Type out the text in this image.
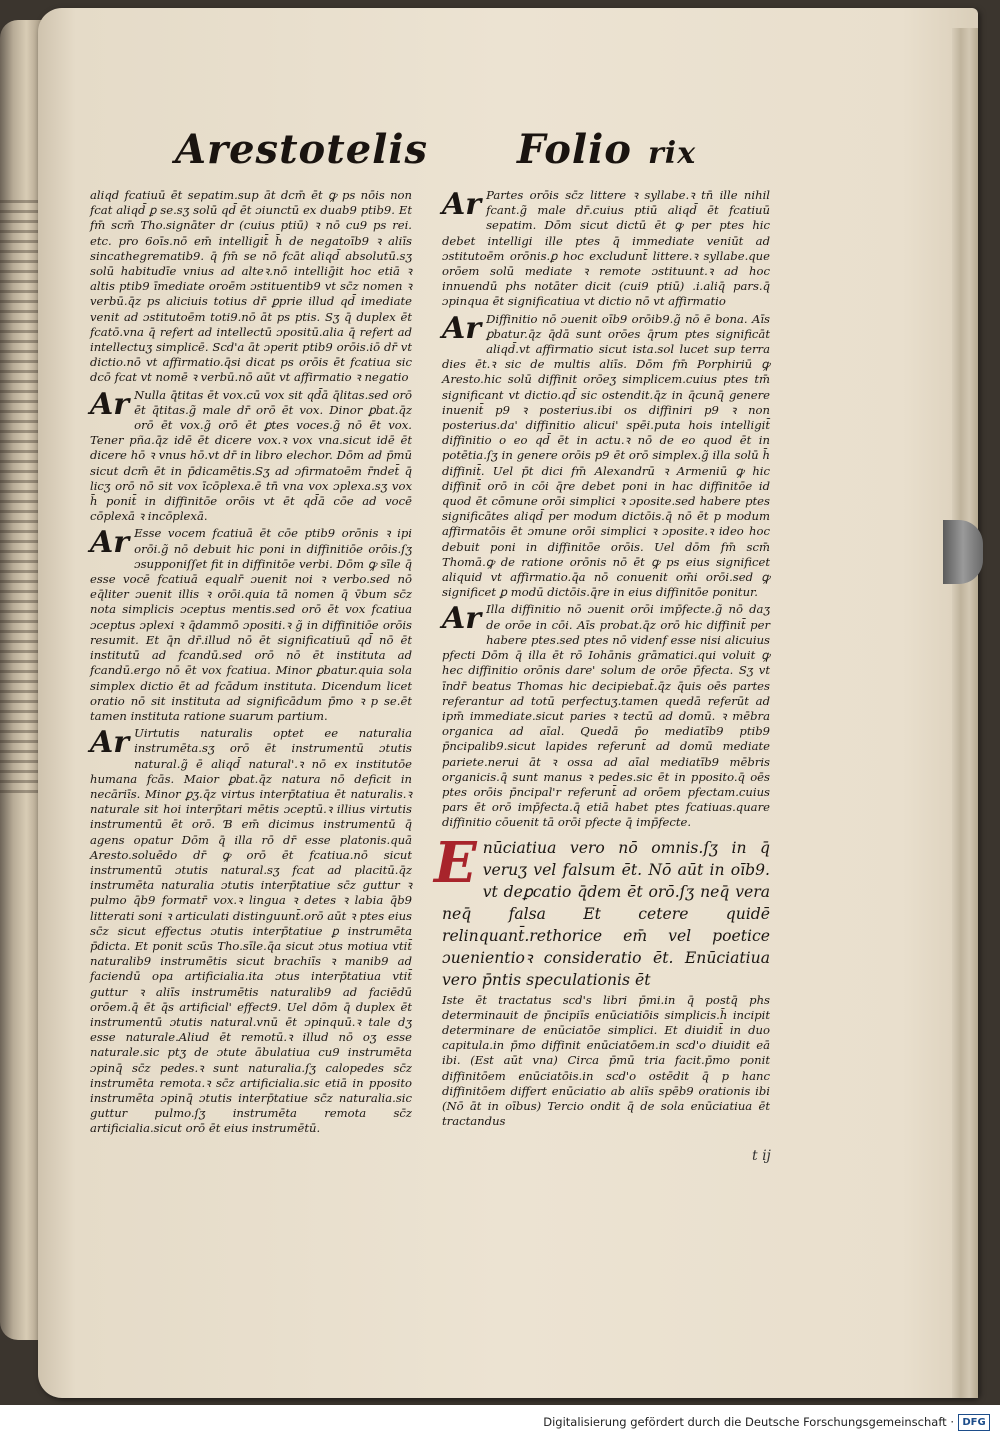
Arestotelis Folio rix

aliqd fcatiuū ēt sepatim.sup āt dcm̄ ēt ꝙ ps nōis non fcat aliqd̄ ꝑ se.sʒ solū qd̄ ēt ɔiunctū ex duab9 ptib9. Et fm̄ scm̄ Tho.signāter dr (cuius ptiū) ꝛ nō cu9 ps rei. etc. pro 6oīs.nō em̄ intelligit̄ h̄ de negatoīb9 ꝛ aliīs sincathegrematib9. q̄ fm̄ se nō fcāt aliqd̄ absolutū.sʒ solū habitudīe vnius ad alteꝛ.nō intelliḡit hoc etiā ꝛ altis ptib9 īmediate oroēm ɔstituentib9 vt sc̄z nomen ꝛ verbū.q̄z ps aliciuis totius dr̄ ꝑprie illud qd̄ imediate venit ad ɔstitutoēm toti9.nō āt ps ptis. Sʒ q̄ duplex ēt fcatō.vna q̄ refert ad intellectū ɔpositū.alia q̄ refert ad intellectuʒ simplicē. Scd'a āt ɔperit ptib9 orōis.iō dr̄ vt dictio.nō vt affirmatio.q̄si dicat ps orōis ēt fcatiua sic dcō fcat vt nomē ꝛ verbū.nō aūt vt affirmatio ꝛ negatio

Ar Nulla q̄titas ēt vox.cū vox sit qd̄ā q̄litas.sed orō ēt q̄titas.g̃ male dr̄ orō ēt vox. Dinor ꝑbat.q̄z orō ēt vox.g̃ orō ēt ꝑtes voces.g̃ nō ēt vox. Tener pña.q̄z idē ēt dicere vox.ꝛ vox vna.sicut idē ēt dicere hō ꝛ vnus hō.vt dr̄ in libro elechor. Dōm ad p̄mū sicut dcm̄ ēt in p̄dicamētis.Sʒ ad ɔfirmatoēm r̄ndet̄ q̄ licʒ orō nō sit vox īcōplexa.ē tn̄ vna vox ɔplexa.sʒ vox h̄ ponit̄ in diffinitōe orōis vt ēt qd̄ā cōe ad vocē cōplexā ꝛ incōplexā.

Ar Esse vocem fcatiuā ēt cōe ptib9 orōnis ꝛ ipi orōi.g̃ nō debuit hic poni in diffinitiōe orōis.ſʒ ɔsupponiſſet fit in diffinitōe verbi. Dōm ꝙ sīle q̄ esse vocē fcatiuā equalr̄ ɔuenit noi ꝛ verbo.sed nō eq̄liter ɔuenit illis ꝛ orōi.quia tā nomen q̄ v̄bum sc̄z nota simplicis ɔceptus mentis.sed orō ēt vox fcatiua ɔceptus ɔplexi ꝛ q̄dammō ɔpositi.ꝛ g̃ in diffinitiōe orōis resumit. Et q̄n dr̄.illud nō ēt significatiuū qd̄ nō ēt institutū ad fcandū.sed orō nō ēt instituta ad fcandū.ergo nō ēt vox fcatiua. Minor ꝑbatur.quia sola simplex dictio ēt ad fcādum instituta. Dicendum licet oratio nō sit instituta ad significādum p̄mo ꝛ p se.ēt tamen instituta ratione suarum partium.

Ar Uirtutis naturalis optet ee naturalia instrumēta.sʒ orō ēt instrumentū ɔtutis natural.g̃ ē aliqd̄ natural'.ꝛ nō ex institutōe humana fcās. Maior ꝑbat.q̄z natura nō deficit in necāriīs. Minor ꝑʒ.q̄z virtus interp̄tatiua ēt naturalis.ꝛ naturale sit hoi interp̄tari mētis ɔceptū.ꝛ illius virtutis instrumentū ēt orō. Ɓ em̄ dicimus instrumentū q̄ agens opatur Dōm q̄ illa rō dr̄ esse platonis.quā Aresto.soluēdo dr̄ ꝙ orō ēt fcatiua.nō sicut instrumentū ɔtutis natural.sʒ fcat ad placitū.q̄z instrumēta naturalia ɔtutis interp̄tatiue sc̄z guttur ꝛ pulmo q̄b9 formatr̄ vox.ꝛ lingua ꝛ detes ꝛ labia q̄b9 litterati soni ꝛ articulati distinguunt̄.orō aūt ꝛ ptes eius sc̄z sicut effectus ɔtutis interp̄tatiue ꝑ instrumēta p̄dicta. Et ponit scūs Tho.sīle.q̄a sicut ɔtus motiua vtit̄ naturalib9 instrumētis sicut brachiīs ꝛ manib9 ad faciendū opa artificialia.ita ɔtus interp̄tatiua vtit̄ guttur ꝛ aliīs instrumētis naturalib9 ad faciēdū orōem.q̄ ēt q̄s artificial' effect9. Uel dōm q̄ duplex ēt instrumentū ɔtutis natural.vnū ēt ɔpinquū.ꝛ tale dʒ esse naturale.Aliud ēt remotū.ꝛ illud nō oʒ esse naturale.sic ptʒ de ɔtute ābulatiua cu9 instrumēta ɔpinq̄ sc̄z pedes.ꝛ sunt naturalia.ſʒ calopedes sc̄z instrumēta remota.ꝛ sc̄z artificialia.sic etiā in pposito instrumēta ɔpinq̄ ɔtutis interp̄tatiue sc̄z naturalia.sic guttur pulmo.ſʒ instrumēta remota sc̄z artificialia.sicut orō ēt eius instrumētū.

Ar Partes orōis sc̄z littere ꝛ syllabe.ꝛ tn̄ ille nihil fcant.g̃ male dr̄.cuius ptiū aliqd̄ ēt fcatiuū sepatim. Dōm sicut dictū ēt ꝙ per ptes hic debet intelligi ille ptes q̄ immediate veniūt ad ɔstitutoēm orōnis.ꝑ hoc excludunt̄ littere.ꝛ syllabe.que orōem solū mediate ꝛ remote ɔstituunt.ꝛ ad hoc innuendū phs notāter dicit (cui9 ptiū) .i.aliq̄ pars.q̄ ɔpinqua ēt significatiua vt dictio nō vt affirmatio

Ar Diffinitio nō ɔuenit oīb9 orōib9.g̃ nō ē bona. Aīs ꝑbatur.q̄z q̄dā sunt orōes q̄rum ptes significāt aliqd̄.vt affirmatio sicut ista.sol lucet sup terra dies ēt.ꝛ sic de multis aliīs. Dōm fm̄ Porphiriū ꝙ Aresto.hic solū diffinit orōeʒ simplicem.cuius ptes tm̄ significant vt dictio.qd̄ sic ostendit.q̄z in q̄cunq̄ genere inuenit̄ p9 ꝛ posterius.ibi os diffiniri p9 ꝛ non posterius.da' diffinitio alicui' spēi.puta hois intelligit̄ diffinitio o eo qd̄ ēt in actu.ꝛ nō de eo quod ēt in potētia.ſʒ in genere orōis p9 ēt orō simplex.g̃ illa solū h̄ diffinit̄. Uel p̄t dici fm̄ Alexandrū ꝛ Armeniū ꝙ hic diffinit̄ orō in cōi q̄re debet poni in hac diffinitōe id quod ēt cōmune orōi simplici ꝛ ɔposite.sed habere ptes significātes aliqd̄ per modum dictōis.q̄ nō ēt p modum affirmatōis ēt ɔmune orōi simplici ꝛ ɔposite.ꝛ ideo hoc debuit poni in diffinitōe orōis. Uel dōm fm̄ scm̄ Thomā.ꝙ de ratione orōnis nō ēt ꝙ ps eius significet aliquid vt affirmatio.q̄a nō conuenit om̄i orōi.sed ꝙ significet ꝑ modū dictōis.q̄re in eius diffinitōe ponitur.

Ar Illa diffinitio nō ɔuenit orōi imp̄fecte.g̃ nō daʒ de orōe in cōi. Aīs probat.q̄z orō hic diffinit̄ per habere ptes.sed ptes nō videnf esse nisi alicuius pfecti Dōm q̄ illa ēt rō Iohānis grāmatici.qui voluit ꝙ hec diffinitio orōnis dare' solum de orōe p̄fecta. Sʒ vt īndr̄ beatus Thomas hic decipiebat̄.q̄z q̄uis oēs partes referantur ad totū perfectuʒ.tamen quedā referūt ad ipm̄ immediate.sicut paries ꝛ tectū ad domū. ꝛ mēbra organica ad aīal. Quedā p̄o mediatīb9 ptib9 p̄ncipalib9.sicut lapides referunt̄ ad domū mediate pariete.nerui āt ꝛ ossa ad aīal mediatīb9 mēbris organicis.q̄ sunt manus ꝛ pedes.sic ēt in pposito.q̄ oēs ptes orōis p̄ncipal'r referunt̄ ad orōem pfectam.cuius pars ēt orō imp̄fecta.q̄ etiā habet ptes fcatiuas.quare diffinitio cōuenit tā orōi pfecte q̄ imp̄fecte.

Enūciatiua vero nō omnis.ſʒ in q̄ veruʒ vel falsum ēt. Nō aūt in oīb9. vt deꝑcatio q̄dem ēt orō.ſʒ neq̄ vera neq̄ falsa Et cetere quidē relinquant̄.rethorice em̄ vel poetice ɔuenientioꝛ consideratio ēt. Enūciatiua vero p̄ntis speculationis ēt

Iste ēt tractatus scd's libri p̄mi.in q̄ postq̄ phs determinauit de p̄ncipiīs enūciatiōis simplicis.h̄ incipit determinare de enūciatōe simplici. Et diuidit̄ in duo capitula.in p̄mo diffinit enūciatōem.in scd'o diuidit eā ibi. (Est aūt vna) Circa p̄mū tria facit.p̄mo ponit diffinitōem enūciatōis.in scd'o ostēdit q̄ p hanc diffinitōem differt enūciatio ab aliīs spēb9 orationis ibi (Nō āt in oībus) Tercio ondit q̄ de sola enūciatiua ēt tractandus

t ij
Digitalisierung gefördert durch die Deutsche Forschungsgemeinschaft · DFG
